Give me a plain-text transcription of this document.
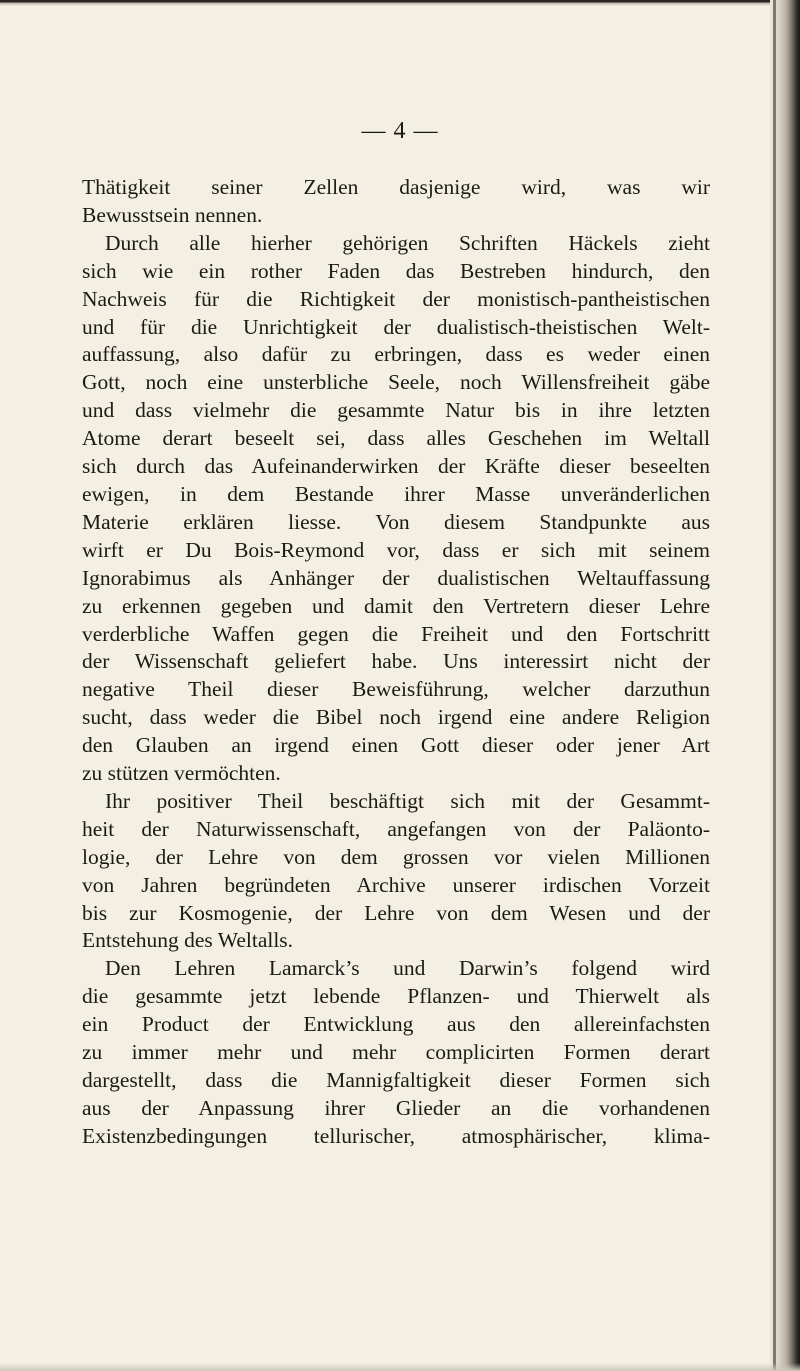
— 4 —
Thätigkeit seiner Zellen dasjenige wird, was wir
Bewusstsein nennen.
Durch alle hierher gehörigen Schriften Häckels zieht
sich wie ein rother Faden das Bestreben hindurch, den
Nachweis für die Richtigkeit der monistisch-pantheistischen
und für die Unrichtigkeit der dualistisch-theistischen Welt-
auffassung, also dafür zu erbringen, dass es weder einen
Gott, noch eine unsterbliche Seele, noch Willensfreiheit gäbe
und dass vielmehr die gesammte Natur bis in ihre letzten
Atome derart beseelt sei, dass alles Geschehen im Weltall
sich durch das Aufeinanderwirken der Kräfte dieser beseelten
ewigen, in dem Bestande ihrer Masse unveränderlichen
Materie erklären liesse. Von diesem Standpunkte aus
wirft er Du Bois-Reymond vor, dass er sich mit seinem
Ignorabimus als Anhänger der dualistischen Weltauffassung
zu erkennen gegeben und damit den Vertretern dieser Lehre
verderbliche Waffen gegen die Freiheit und den Fortschritt
der Wissenschaft geliefert habe. Uns interessirt nicht der
negative Theil dieser Beweisführung, welcher darzuthun
sucht, dass weder die Bibel noch irgend eine andere Religion
den Glauben an irgend einen Gott dieser oder jener Art
zu stützen vermöchten.
Ihr positiver Theil beschäftigt sich mit der Gesammt-
heit der Naturwissenschaft, angefangen von der Paläonto-
logie, der Lehre von dem grossen vor vielen Millionen
von Jahren begründeten Archive unserer irdischen Vorzeit
bis zur Kosmogenie, der Lehre von dem Wesen und der
Entstehung des Weltalls.
Den Lehren Lamarck’s und Darwin’s folgend wird
die gesammte jetzt lebende Pflanzen- und Thierwelt als
ein Product der Entwicklung aus den allereinfachsten
zu immer mehr und mehr complicirten Formen derart
dargestellt, dass die Mannigfaltigkeit dieser Formen sich
aus der Anpassung ihrer Glieder an die vorhandenen
Existenzbedingungen tellurischer, atmosphärischer, klima-
